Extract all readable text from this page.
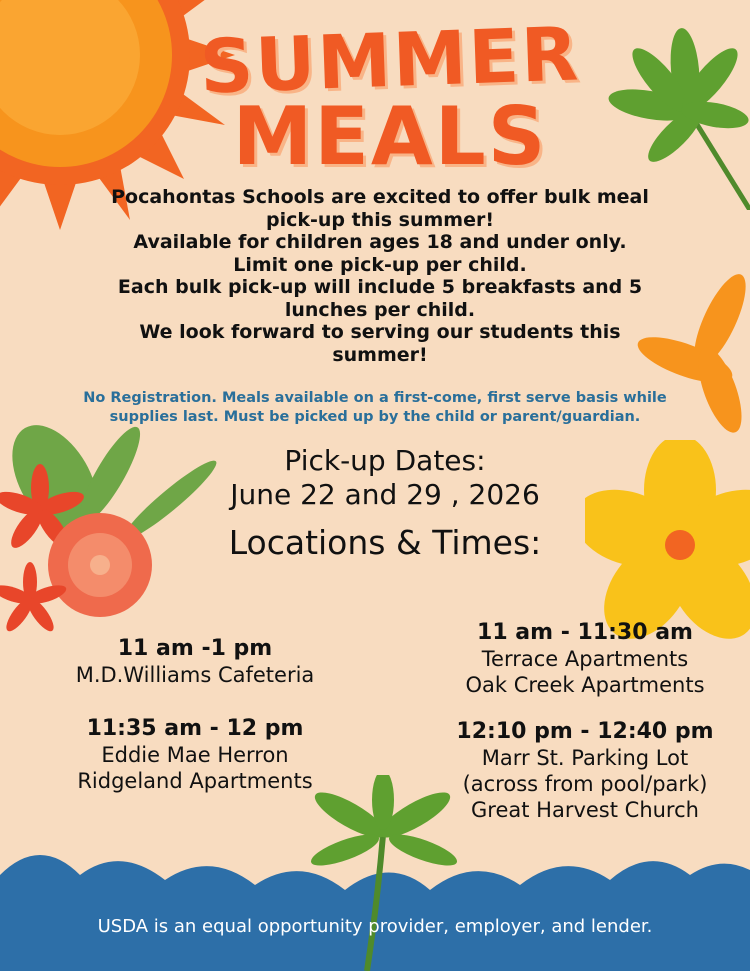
SUMMER
MEALS
Pocahontas Schools are excited to offer bulk meal
pick-up this summer!
Available for children ages 18 and under only.
Limit one pick-up per child.
Each bulk pick-up will include 5 breakfasts and 5
lunches per child.
We look forward to serving our students this
summer!
No Registration. Meals available on a first-come, first serve basis while
supplies last. Must be picked up by the child or parent/guardian.
Pick-up Dates:
June 22 and 29 , 2026
Locations & Times:
11 am -1 pm
M.D.Williams Cafeteria
11 am - 11:30 am
Terrace Apartments
Oak Creek Apartments
11:35 am - 12 pm
Eddie Mae Herron
Ridgeland Apartments
12:10 pm - 12:40 pm
Marr St. Parking Lot
(across from pool/park)
Great Harvest Church
USDA is an equal opportunity provider, employer, and lender.
